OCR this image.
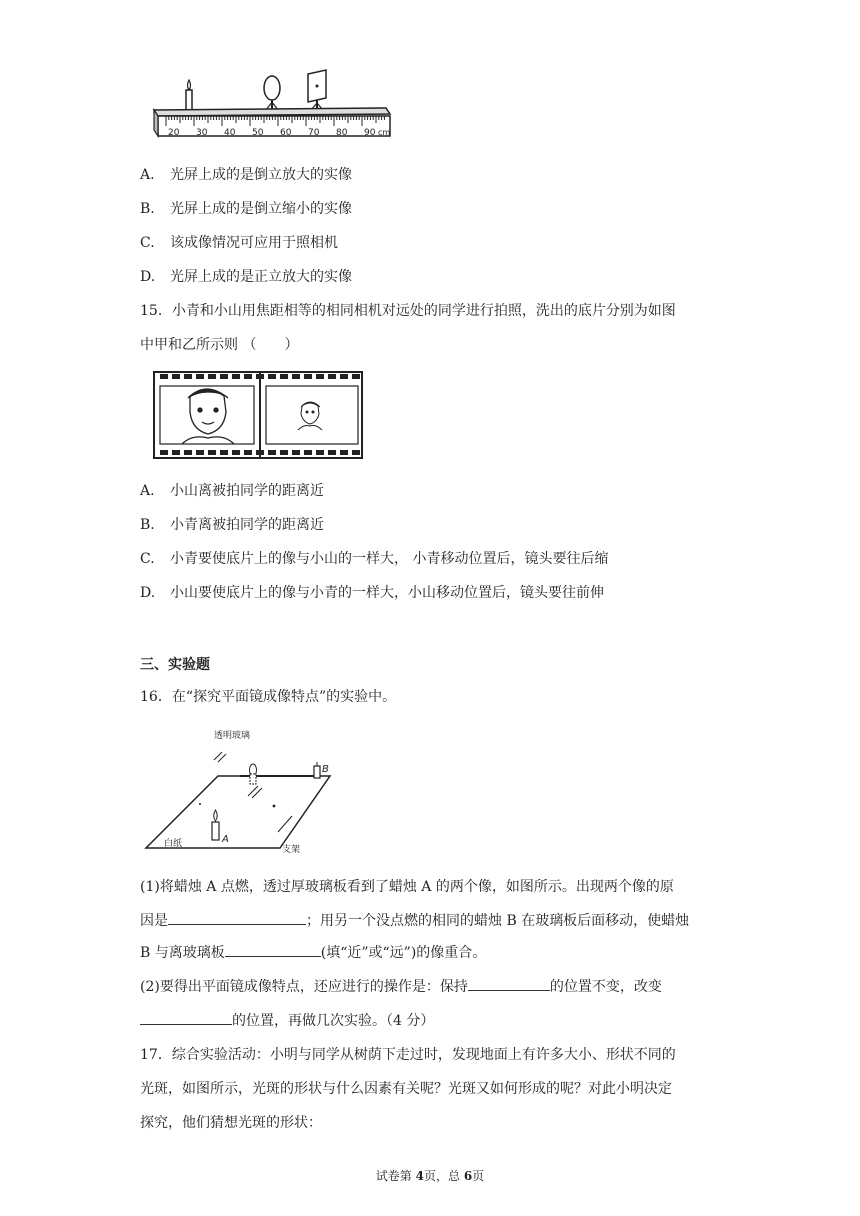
20 30 40 50 60 70 80 90 cm
A. 光屏上成的是倒立放大的实像
B. 光屏上成的是倒立缩小的实像
C. 该成像情况可应用于照相机
D. 光屏上成的是正立放大的实像
15．小青和小山用焦距相等的相同相机对远处的同学进行拍照，洗出的底片分别为如图
中甲和乙所示则 （　　）
A. 小山离被拍同学的距离近
B. 小青离被拍同学的距离近
C. 小青要使底片上的像与小山的一样大， 小青移动位置后，镜头要往后缩
D. 小山要使底片上的像与小青的一样大，小山移动位置后，镜头要往前伸
三、实验题
16．在“探究平面镜成像特点”的实验中。
B
A
透明玻璃
白纸
支架
(1)将蜡烛 A 点燃，透过厚玻璃板看到了蜡烛 A 的两个像，如图所示。出现两个像的原
因是	；用另一个没点燃的相同的蜡烛 B 在玻璃板后面移动，使蜡烛
B 与离玻璃板	(填“近”或“远”)的像重合。
(2)要得出平面镜成像特点，还应进行的操作是：保持	的位置不变，改变
的位置，再做几次实验。（4 分）
17．综合实验活动：小明与同学从树荫下走过时，发现地面上有许多大小、形状不同的
光斑，如图所示，光斑的形状与什么因素有关呢？光斑又如何形成的呢？对此小明决定
探究，他们猜想光斑的形状：
试卷第 4页，总 6页
